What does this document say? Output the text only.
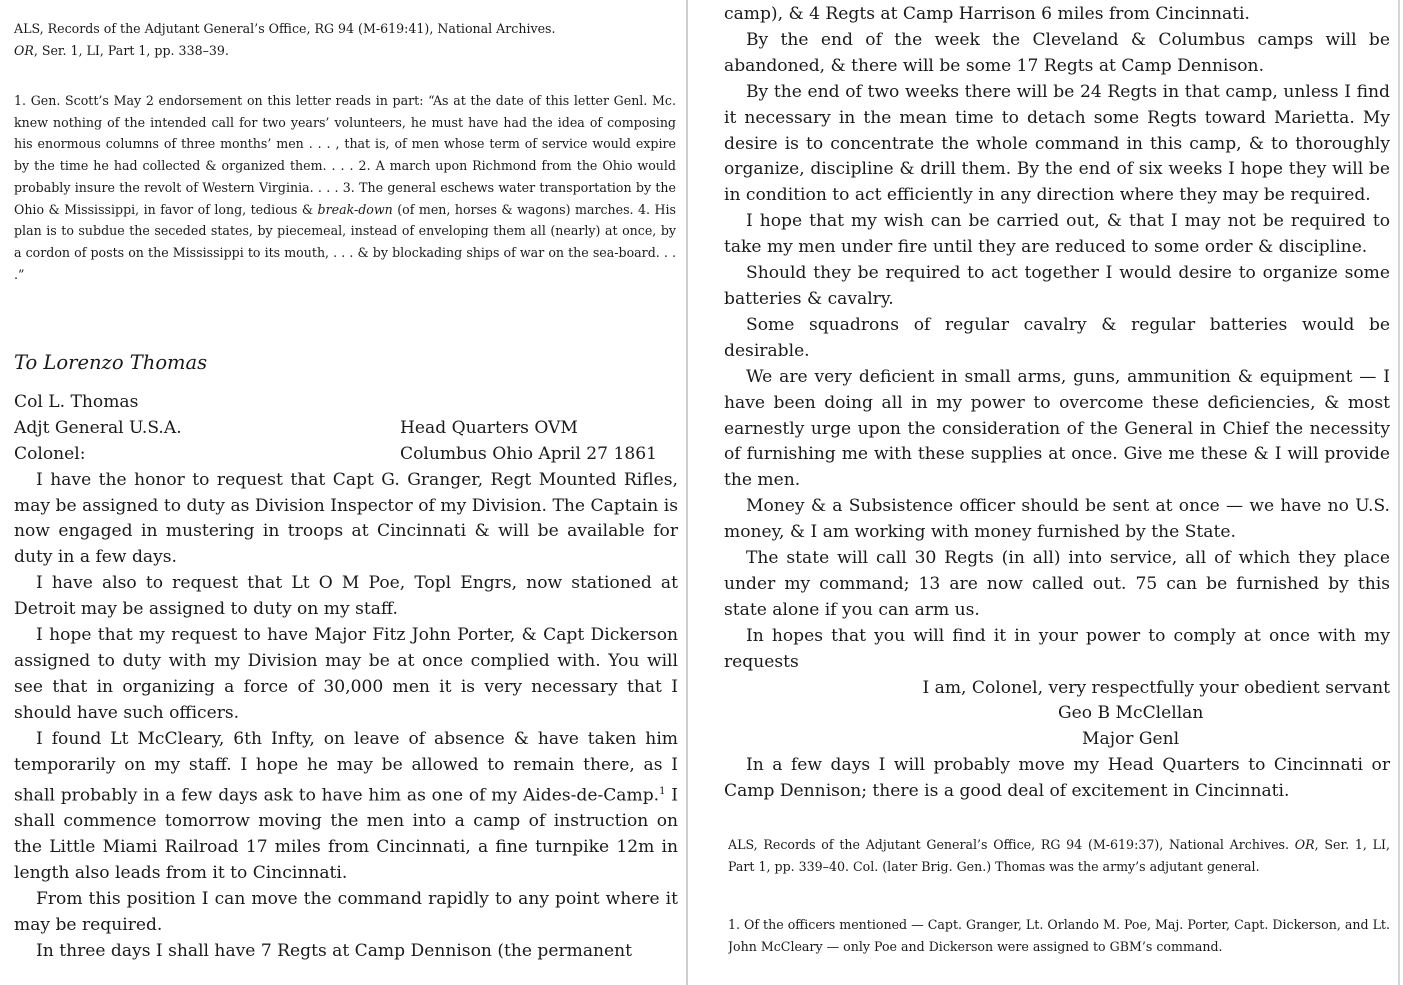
ALS, Records of the Adjutant General’s Office, RG 94 (M-619:41), National Archives.
OR, Ser. 1, LI, Part 1, pp. 338–39.

1. Gen. Scott’s May 2 endorsement on this letter reads in part: “As at the date of this letter Genl. Mc. knew nothing of the intended call for two years’ volunteers, he must have had the idea of composing his enormous columns of three months’ men . . . , that is, of men whose term of service would expire by the time he had collected & organized them. . . . 2. A march upon Richmond from the Ohio would probably insure the revolt of Western Virginia. . . . 3. The general eschews water transportation by the Ohio & Mississippi, in favor of long, tedious & break-down (of men, horses & wagons) marches. 4. His plan is to subdue the seceded states, by piecemeal, instead of enveloping them all (nearly) at once, by a cordon of posts on the Mississippi to its mouth, . . . & by blockading ships of war on the sea-board. . . .”

To Lorenzo Thomas
Col L. Thomas
Adjt General U.S.A.	Head Quarters OVM
Colonel:	Columbus Ohio April 27 1861

I have the honor to request that Capt G. Granger, Regt Mounted Rifles, may be assigned to duty as Division Inspector of my Division. The Captain is now engaged in mustering in troops at Cincinnati & will be available for duty in a few days.

I have also to request that Lt O M Poe, Topl Engrs, now stationed at Detroit may be assigned to duty on my staff.

I hope that my request to have Major Fitz John Porter, & Capt Dickerson assigned to duty with my Division may be at once complied with. You will see that in organizing a force of 30,000 men it is very necessary that I should have such officers.

I found Lt McCleary, 6th Infty, on leave of absence & have taken him temporarily on my staff. I hope he may be allowed to remain there, as I shall probably in a few days ask to have him as one of my Aides-de-Camp.$^1$ I shall commence tomorrow moving the men into a camp of instruction on the Little Miami Railroad 17 miles from Cincinnati, a fine turnpike 12m in length also leads from it to Cincinnati.

From this position I can move the command rapidly to any point where it may be required.

In three days I shall have 7 Regts at Camp Dennison (the permanent

camp), & 4 Regts at Camp Harrison 6 miles from Cincinnati.

By the end of the week the Cleveland & Columbus camps will be abandoned, & there will be some 17 Regts at Camp Dennison.

By the end of two weeks there will be 24 Regts in that camp, unless I find it necessary in the mean time to detach some Regts toward Marietta. My desire is to concentrate the whole command in this camp, & to thoroughly organize, discipline & drill them. By the end of six weeks I hope they will be in condition to act efficiently in any direction where they may be required.

I hope that my wish can be carried out, & that I may not be required to take my men under fire until they are reduced to some order & discipline.

Should they be required to act together I would desire to organize some batteries & cavalry.

Some squadrons of regular cavalry & regular batteries would be desirable.

We are very deficient in small arms, guns, ammunition & equipment — I have been doing all in my power to overcome these deficiencies, & most earnestly urge upon the consideration of the General in Chief the necessity of furnishing me with these supplies at once. Give me these & I will provide the men.

Money & a Subsistence officer should be sent at once — we have no U.S. money, & I am working with money furnished by the State.

The state will call 30 Regts (in all) into service, all of which they place under my command; 13 are now called out. 75 can be furnished by this state alone if you can arm us.

In hopes that you will find it in your power to comply at once with my requests

I am, Colonel, very respectfully your obedient servant
Geo B McClellan
Major Genl

In a few days I will probably move my Head Quarters to Cincinnati or Camp Dennison; there is a good deal of excitement in Cincinnati.

ALS, Records of the Adjutant General’s Office, RG 94 (M-619:37), National Archives. OR, Ser. 1, LI, Part 1, pp. 339–40. Col. (later Brig. Gen.) Thomas was the army’s adjutant general.

1. Of the officers mentioned — Capt. Granger, Lt. Orlando M. Poe, Maj. Porter, Capt. Dickerson, and Lt. John McCleary — only Poe and Dickerson were assigned to GBM’s command.
